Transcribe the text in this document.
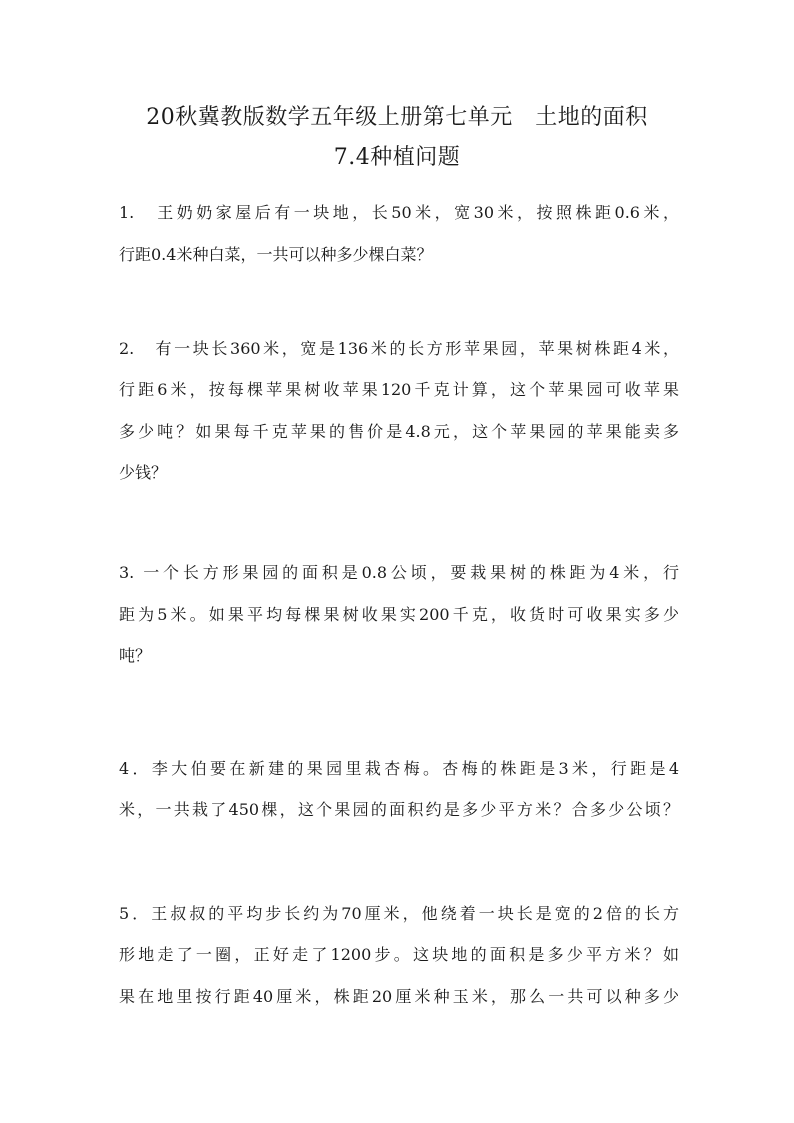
20秋冀教版数学五年级上册第七单元　土地的面积
7.4种植问题
1.　王奶奶家屋后有一块地，长50米，宽30米，按照株距0.6米，
行距0.4米种白菜，一共可以种多少棵白菜？
2.　有一块长360米，宽是136米的长方形苹果园，苹果树株距4米，
行距6米，按每棵苹果树收苹果120千克计算，这个苹果园可收苹果
多少吨？如果每千克苹果的售价是4.8元，这个苹果园的苹果能卖多
少钱？
3. 一个长方形果园的面积是0.8公顷，要栽果树的株距为4米，行
距为5米。如果平均每棵果树收果实200千克，收货时可收果实多少
吨？
4．李大伯要在新建的果园里栽杏梅。杏梅的株距是3米，行距是4
米，一共栽了450棵，这个果园的面积约是多少平方米？合多少公顷？
5．王叔叔的平均步长约为70厘米，他绕着一块长是宽的2倍的长方
形地走了一圈，正好走了1200步。这块地的面积是多少平方米？如
果在地里按行距40厘米，株距20厘米种玉米，那么一共可以种多少
